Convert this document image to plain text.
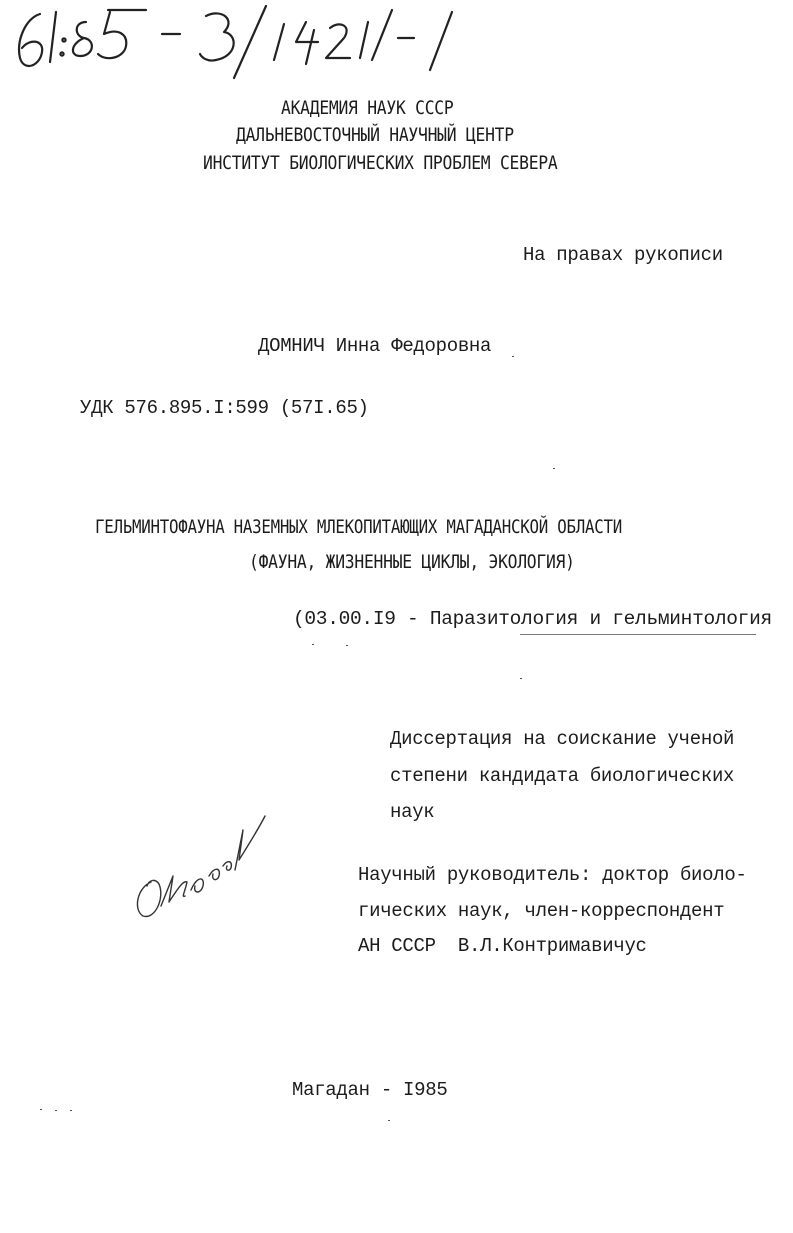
61:85-3/1421-1
АКАДЕМИЯ НАУК СССР
ДАЛЬНЕВОСТОЧНЫЙ НАУЧНЫЙ ЦЕНТР
ИНСТИТУТ БИОЛОГИЧЕСКИХ ПРОБЛЕМ СЕВЕРА
На правах рукописи
ДОМНИЧ Инна Федоровна
УДК 576.895.I:599 (57I.65)
ГЕЛЬМИНТОФАУНА НАЗЕМНЫХ МЛЕКОПИТАЮЩИХ МАГАДАНСКОЙ ОБЛАСТИ
(ФАУНА, ЖИЗНЕННЫЕ ЦИКЛЫ, ЭКОЛОГИЯ)
(03.00.I9 - Паразитология и гельминтология
Диссертация на соискание ученой
степени кандидата биологических
наук
Научный руководитель: доктор биоло-
гических наук, член-корреспондент
АН СССР  В.Л.Контримавичус
Магадан - I985
